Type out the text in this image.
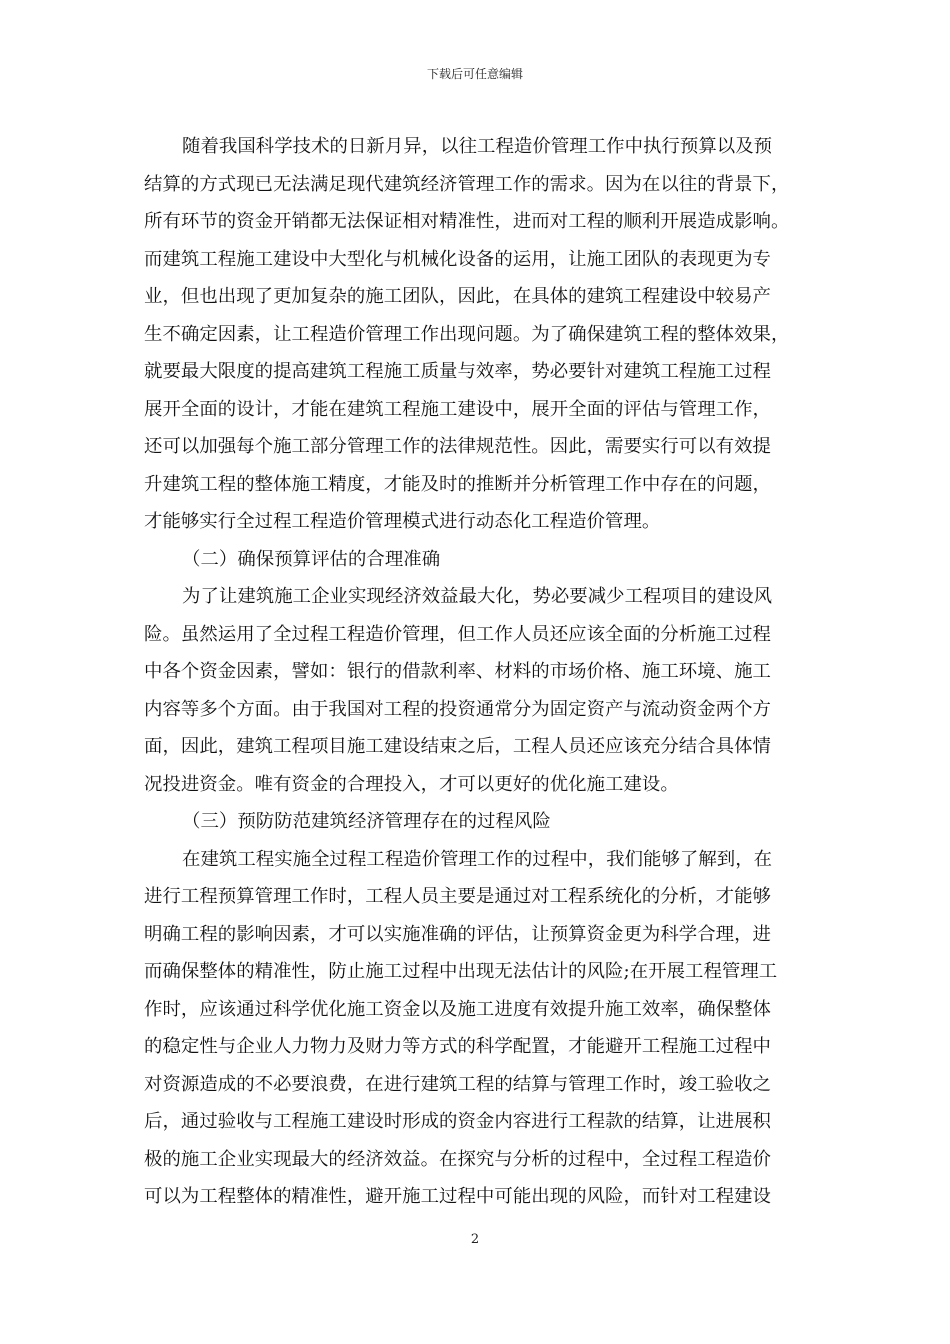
下载后可任意编辑
随着我国科学技术的日新月异，以往工程造价管理工作中执行预算以及预
结算的方式现已无法满足现代建筑经济管理工作的需求。因为在以往的背景下，
所有环节的资金开销都无法保证相对精准性，进而对工程的顺利开展造成影响。
而建筑工程施工建设中大型化与机械化设备的运用，让施工团队的表现更为专
业，但也出现了更加复杂的施工团队，因此，在具体的建筑工程建设中较易产
生不确定因素，让工程造价管理工作出现问题。为了确保建筑工程的整体效果，
就要最大限度的提高建筑工程施工质量与效率，势必要针对建筑工程施工过程
展开全面的设计，才能在建筑工程施工建设中，展开全面的评估与管理工作，
还可以加强每个施工部分管理工作的法律规范性。因此，需要实行可以有效提
升建筑工程的整体施工精度，才能及时的推断并分析管理工作中存在的问题，
才能够实行全过程工程造价管理模式进行动态化工程造价管理。
（二）确保预算评估的合理准确
为了让建筑施工企业实现经济效益最大化，势必要减少工程项目的建设风
险。虽然运用了全过程工程造价管理，但工作人员还应该全面的分析施工过程
中各个资金因素，譬如：银行的借款利率、材料的市场价格、施工环境、施工
内容等多个方面。由于我国对工程的投资通常分为固定资产与流动资金两个方
面，因此，建筑工程项目施工建设结束之后，工程人员还应该充分结合具体情
况投进资金。唯有资金的合理投入，才可以更好的优化施工建设。
（三）预防防范建筑经济管理存在的过程风险
在建筑工程实施全过程工程造价管理工作的过程中，我们能够了解到，在
进行工程预算管理工作时，工程人员主要是通过对工程系统化的分析，才能够
明确工程的影响因素，才可以实施准确的评估，让预算资金更为科学合理，进
而确保整体的精准性，防止施工过程中出现无法估计的风险;在开展工程管理工
作时，应该通过科学优化施工资金以及施工进度有效提升施工效率，确保整体
的稳定性与企业人力物力及财力等方式的科学配置，才能避开工程施工过程中
对资源造成的不必要浪费，在进行建筑工程的结算与管理工作时，竣工验收之
后，通过验收与工程施工建设时形成的资金内容进行工程款的结算，让进展积
极的施工企业实现最大的经济效益。在探究与分析的过程中，全过程工程造价
可以为工程整体的精准性，避开施工过程中可能出现的风险，而针对工程建设
2
